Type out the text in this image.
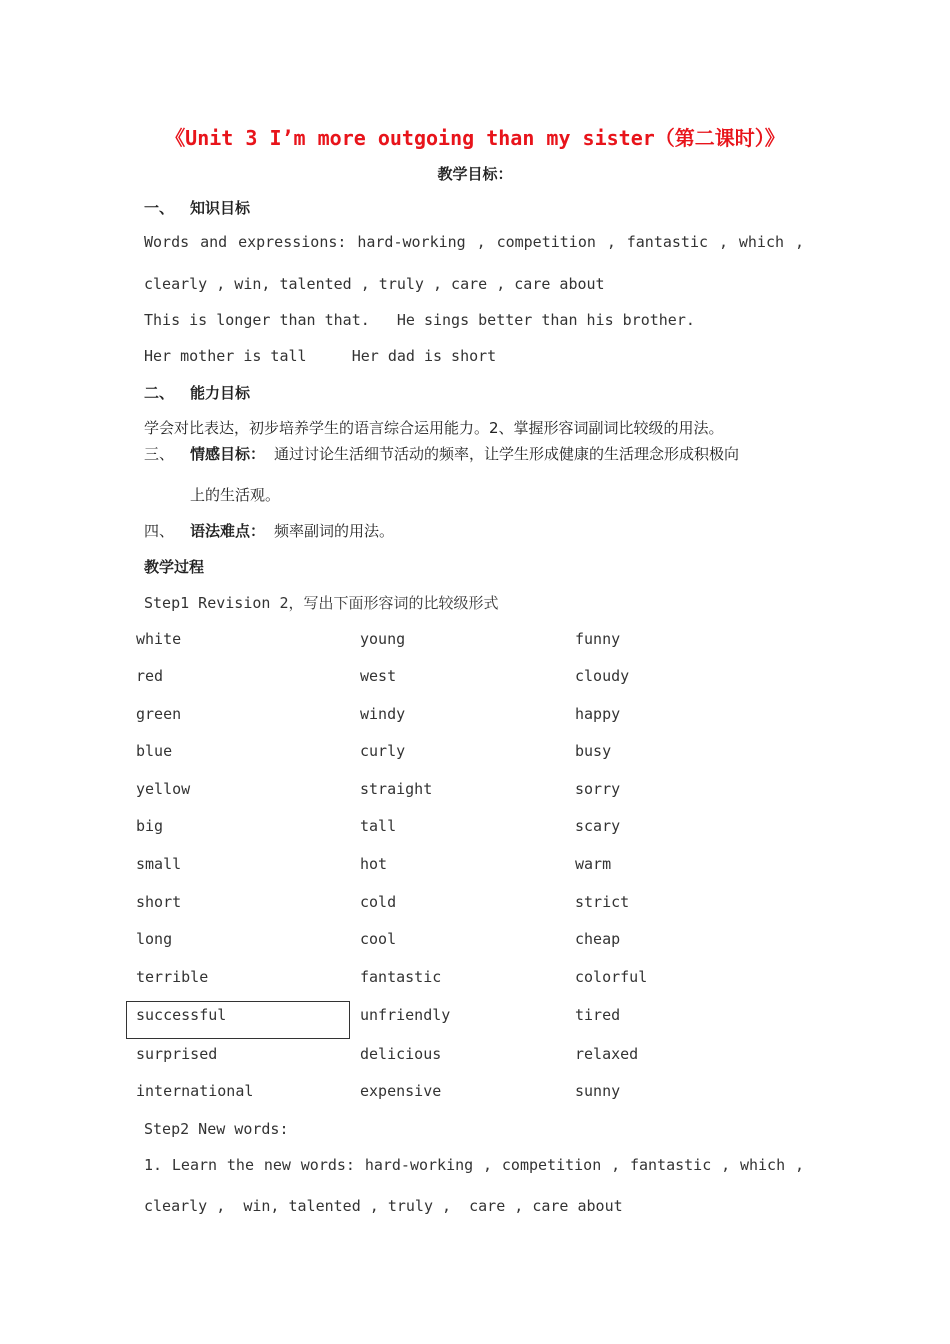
《Unit 3 I’m more outgoing than my sister（第二课时）》
教学目标：
一、 知识目标
Words and expressions: hard-working , competition , fantastic , which ,
clearly , win, talented , truly , care , care about
This is longer than that.   He sings better than his brother.
Her mother is tall     Her dad is short
二、 能力目标
学会对比表达，初步培养学生的语言综合运用能力。2、掌握形容词副词比较级的用法。
三、 情感目标： 通过讨论生活细节活动的频率，让学生形成健康的生活理念形成积极向
上的生活观。
四、 语法难点： 频率副词的用法。
教学过程
Step1 Revision 2，写出下面形容词的比较级形式
white	young	funny
red	west	cloudy
green	windy	happy
blue	curly	busy
yellow	straight	sorry
big	tall	scary
small	hot	warm
short	cold	strict
long	cool	cheap
terrible	fantastic	colorful
successful	unfriendly	tired
surprised	delicious	relaxed
international	expensive	sunny
Step2 New words:
1. Learn the new words: hard-working , competition , fantastic , which ,
clearly ,  win, talented , truly ,  care , care about
